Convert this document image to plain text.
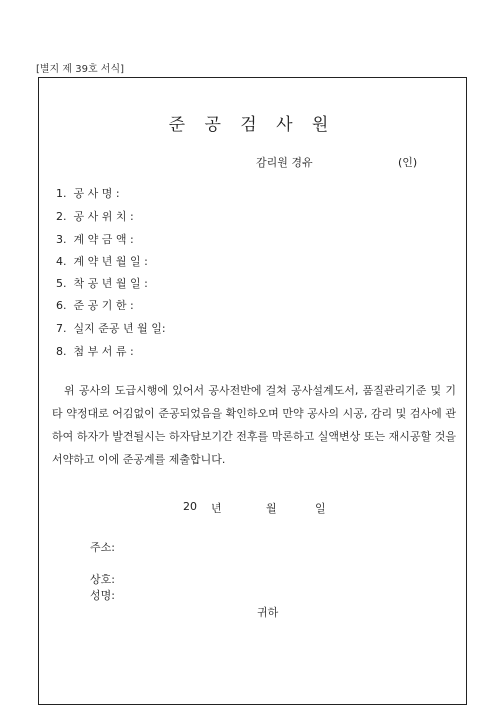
[별지 제 39호 서식]
준 공 검 사 원
감리원 경유	(인)
1. 공 사 명 :
2. 공 사 위 치 :
3. 계 약 금 액 :
4. 계 약 년 월 일 :
5. 착 공 년 월 일 :
6. 준 공 기 한 :
7. 실지 준공 년 월 일:
8. 첨 부 서 류 :

위 공사의 도급시행에 있어서 공사전반에 걸쳐 공사설계도서, 품질관리기준 및 기타 약정대로 어김없이 준공되었음을 확인하오며 만약 공사의 시공, 감리 및 검사에 관하여 하자가 발견될시는 하자담보기간 전후를 막론하고 실액변상 또는 재시공할 것을 서약하고 이에 준공계를 제출합니다.

20 년	월	일
주소:
상호:
성명:
귀하
